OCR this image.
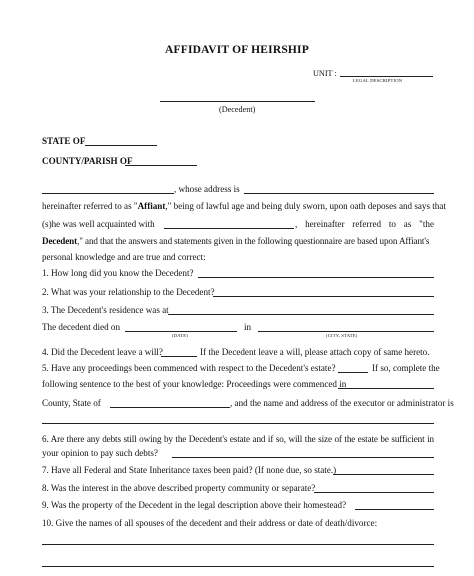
AFFIDAVIT OF HEIRSHIP
UNIT :
LEGAL DESCRIPTION
(Decedent)
STATE OF
COUNTY/PARISH OF
, whose address is
hereinafter referred to as "Affiant," being of lawful age and being duly sworn, upon oath deposes and says that
(s)he was well acquainted with	, hereinafter referred to as "the
Decedent," and that the answers and statements given in the following questionnaire are based upon Affiant's
personal knowledge and are true and correct:
1. How long did you know the Decedent?
2. What was your relationship to the Decedent?
3. The Decedent's residence was at
The decedent died on
(DATE)
in
(CITY, STATE)
4. Did the Decedent leave a will?	If the Decedent leave a will, please attach copy of same hereto.
5. Have any proceedings been commenced with respect to the Decedent's estate?	If so, complete the
following sentence to the best of your knowledge: Proceedings were commenced in
County, State of	, and the name and address of the executor or administrator is
6. Are there any debts still owing by the Decedent's estate and if so, will the size of the estate be sufficient in
your opinion to pay such debts?
7. Have all Federal and State Inheritance taxes been paid? (If none due, so state.)
8. Was the interest in the above described property community or separate?
9. Was the property of the Decedent in the legal description above their homestead?
10. Give the names of all spouses of the decedent and their address or date of death/divorce:
